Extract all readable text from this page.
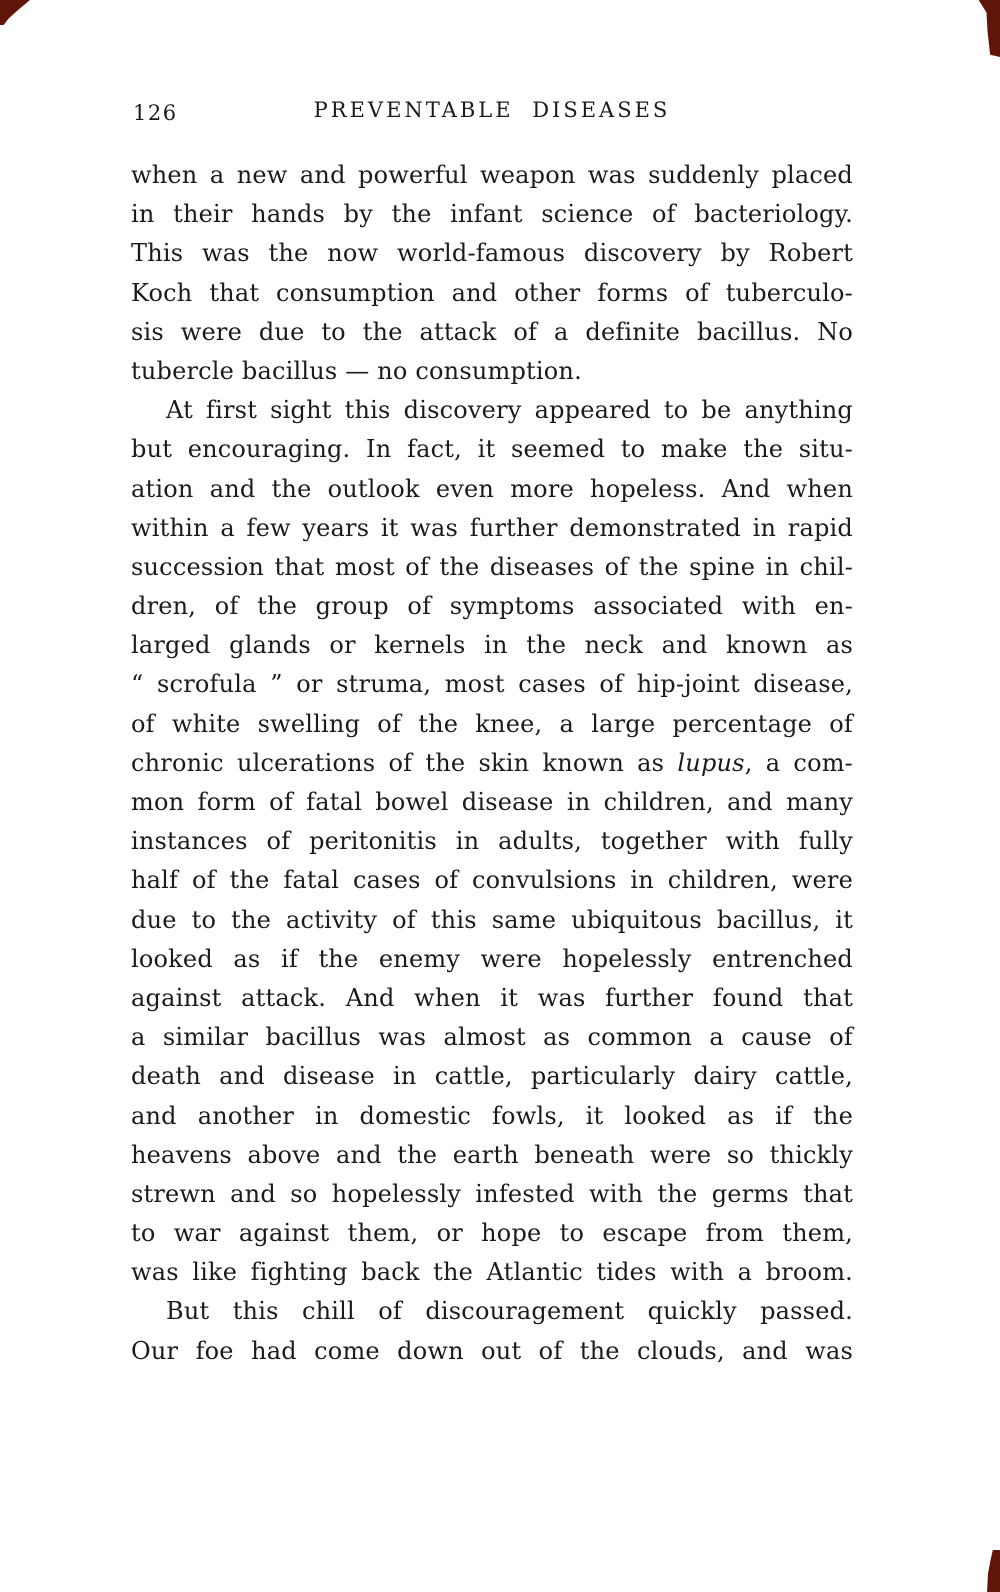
126	PREVENTABLE DISEASES
when a new and powerful weapon was suddenly placed
in their hands by the infant science of bacteriology.
This was the now world-famous discovery by Robert
Koch that consumption and other forms of tuberculo-
sis were due to the attack of a definite bacillus. No
tubercle bacillus — no consumption.
At first sight this discovery appeared to be anything
but encouraging. In fact, it seemed to make the situ-
ation and the outlook even more hopeless. And when
within a few years it was further demonstrated in rapid
succession that most of the diseases of the spine in chil-
dren, of the group of symptoms associated with en-
larged glands or kernels in the neck and known as
“ scrofula ” or struma, most cases of hip-joint disease,
of white swelling of the knee, a large percentage of
chronic ulcerations of the skin known as lupus, a com-
mon form of fatal bowel disease in children, and many
instances of peritonitis in adults, together with fully
half of the fatal cases of convulsions in children, were
due to the activity of this same ubiquitous bacillus, it
looked as if the enemy were hopelessly entrenched
against attack. And when it was further found that
a similar bacillus was almost as common a cause of
death and disease in cattle, particularly dairy cattle,
and another in domestic fowls, it looked as if the
heavens above and the earth beneath were so thickly
strewn and so hopelessly infested with the germs that
to war against them, or hope to escape from them,
was like fighting back the Atlantic tides with a broom.
But this chill of discouragement quickly passed.
Our foe had come down out of the clouds, and was
